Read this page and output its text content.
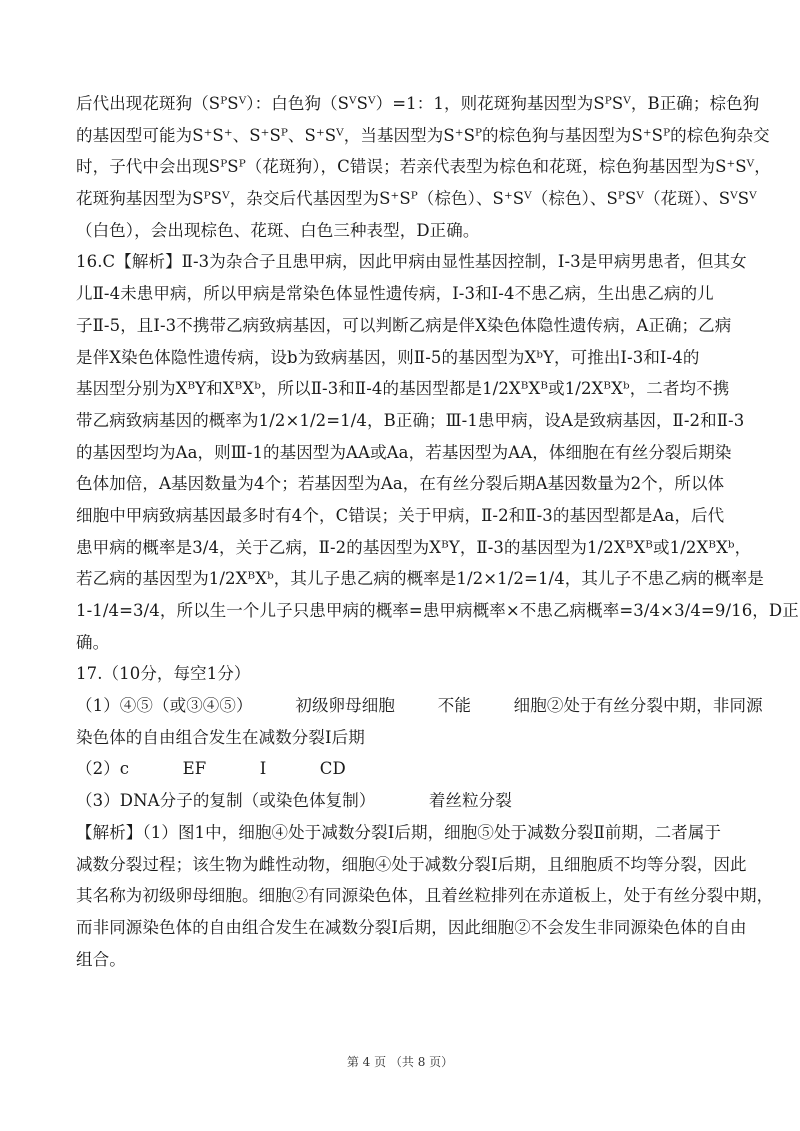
后代出现花斑狗（SᴾSⱽ）：白色狗（SⱽSⱽ）=1：1，则花斑狗基因型为SᴾSⱽ，B正确；棕色狗
的基因型可能为S⁺S⁺、S⁺Sᴾ、S⁺Sⱽ，当基因型为S⁺Sᴾ的棕色狗与基因型为S⁺Sᴾ的棕色狗杂交
时，子代中会出现SᴾSᴾ（花斑狗），C错误；若亲代表型为棕色和花斑，棕色狗基因型为S⁺Sⱽ，
花斑狗基因型为SᴾSⱽ，杂交后代基因型为S⁺Sᴾ（棕色）、S⁺Sⱽ（棕色）、SᴾSⱽ（花斑）、SⱽSⱽ
（白色），会出现棕色、花斑、白色三种表型，D正确。
16.C【解析】Ⅱ-3为杂合子且患甲病，因此甲病由显性基因控制，Ⅰ-3是甲病男患者，但其女
儿Ⅱ-4未患甲病，所以甲病是常染色体显性遗传病，Ⅰ-3和Ⅰ-4不患乙病，生出患乙病的儿
子Ⅱ-5，且Ⅰ-3不携带乙病致病基因，可以判断乙病是伴X染色体隐性遗传病，A正确；乙病
是伴X染色体隐性遗传病，设b为致病基因，则Ⅱ-5的基因型为XᵇY，可推出Ⅰ-3和Ⅰ-4的
基因型分别为XᴮY和XᴮXᵇ，所以Ⅱ-3和Ⅱ-4的基因型都是1/2XᴮXᴮ或1/2XᴮXᵇ，二者均不携
带乙病致病基因的概率为1/2×1/2=1/4，B正确；Ⅲ-1患甲病，设A是致病基因，Ⅱ-2和Ⅱ-3
的基因型均为Aa，则Ⅲ-1的基因型为AA或Aa，若基因型为AA，体细胞在有丝分裂后期染
色体加倍，A基因数量为4个；若基因型为Aa，在有丝分裂后期A基因数量为2个，所以体
细胞中甲病致病基因最多时有4个，C错误；关于甲病，Ⅱ-2和Ⅱ-3的基因型都是Aa，后代
患甲病的概率是3/4，关于乙病，Ⅱ-2的基因型为XᴮY，Ⅱ-3的基因型为1/2XᴮXᴮ或1/2XᴮXᵇ，
若乙病的基因型为1/2XᴮXᵇ，其儿子患乙病的概率是1/2×1/2=1/4，其儿子不患乙病的概率是
1-1/4=3/4，所以生一个儿子只患甲病的概率=患甲病概率×不患乙病概率=3/4×3/4=9/16，D正
确。
17.（10分，每空1分）
（1）④⑤（或③④⑤）        初级卵母细胞        不能        细胞②处于有丝分裂中期，非同源
染色体的自由组合发生在减数分裂Ⅰ后期
（2）c          EF          Ⅰ          CD
（3）DNA分子的复制（或染色体复制）          着丝粒分裂
【解析】（1）图1中，细胞④处于减数分裂Ⅰ后期，细胞⑤处于减数分裂Ⅱ前期，二者属于
减数分裂过程；该生物为雌性动物，细胞④处于减数分裂Ⅰ后期，且细胞质不均等分裂，因此
其名称为初级卵母细胞。细胞②有同源染色体，且着丝粒排列在赤道板上，处于有丝分裂中期，
而非同源染色体的自由组合发生在减数分裂Ⅰ后期，因此细胞②不会发生非同源染色体的自由
组合。
第 4 页 （共 8 页）
